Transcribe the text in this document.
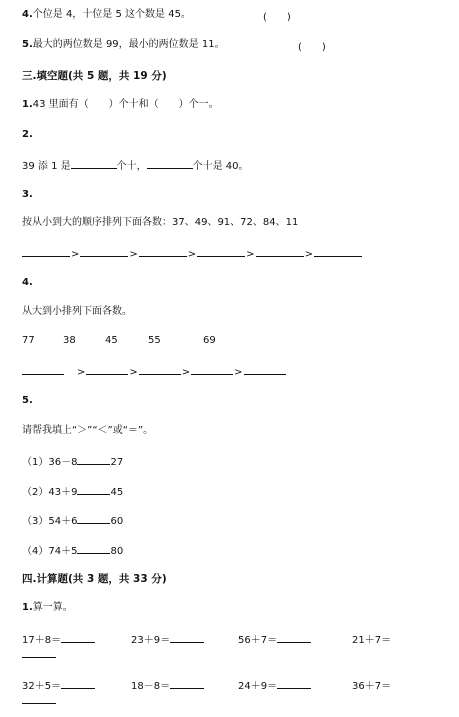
4.个位是 4，十位是 5 这个数是 45。	(　　)
5.最大的两位数是 99，最小的两位数是 11。	(　　)
三.填空题(共 5 题，共 19 分)
1.43 里面有（　　）个十和（　　）个一。
2.
39 添 1 是	个十，	个十是 40。
3.
按从小到大的顺序排列下面各数：37、49、91、72、84、11
>	>	>	>	>
4.
从大到小排列下面各数。
77	38	45	55	69
>	>	>	>
5.
请帮我填上“＞”“＜”或“＝”。
（1）36－8	27
（2）43＋9	45
（3）54＋6	60
（4）74＋5	80
四.计算题(共 3 题，共 33 分)
1.算一算。
17＋8＝	23＋9＝	56＋7＝	21＋7＝
32＋5＝	18－8＝	24＋9＝	36＋7＝
